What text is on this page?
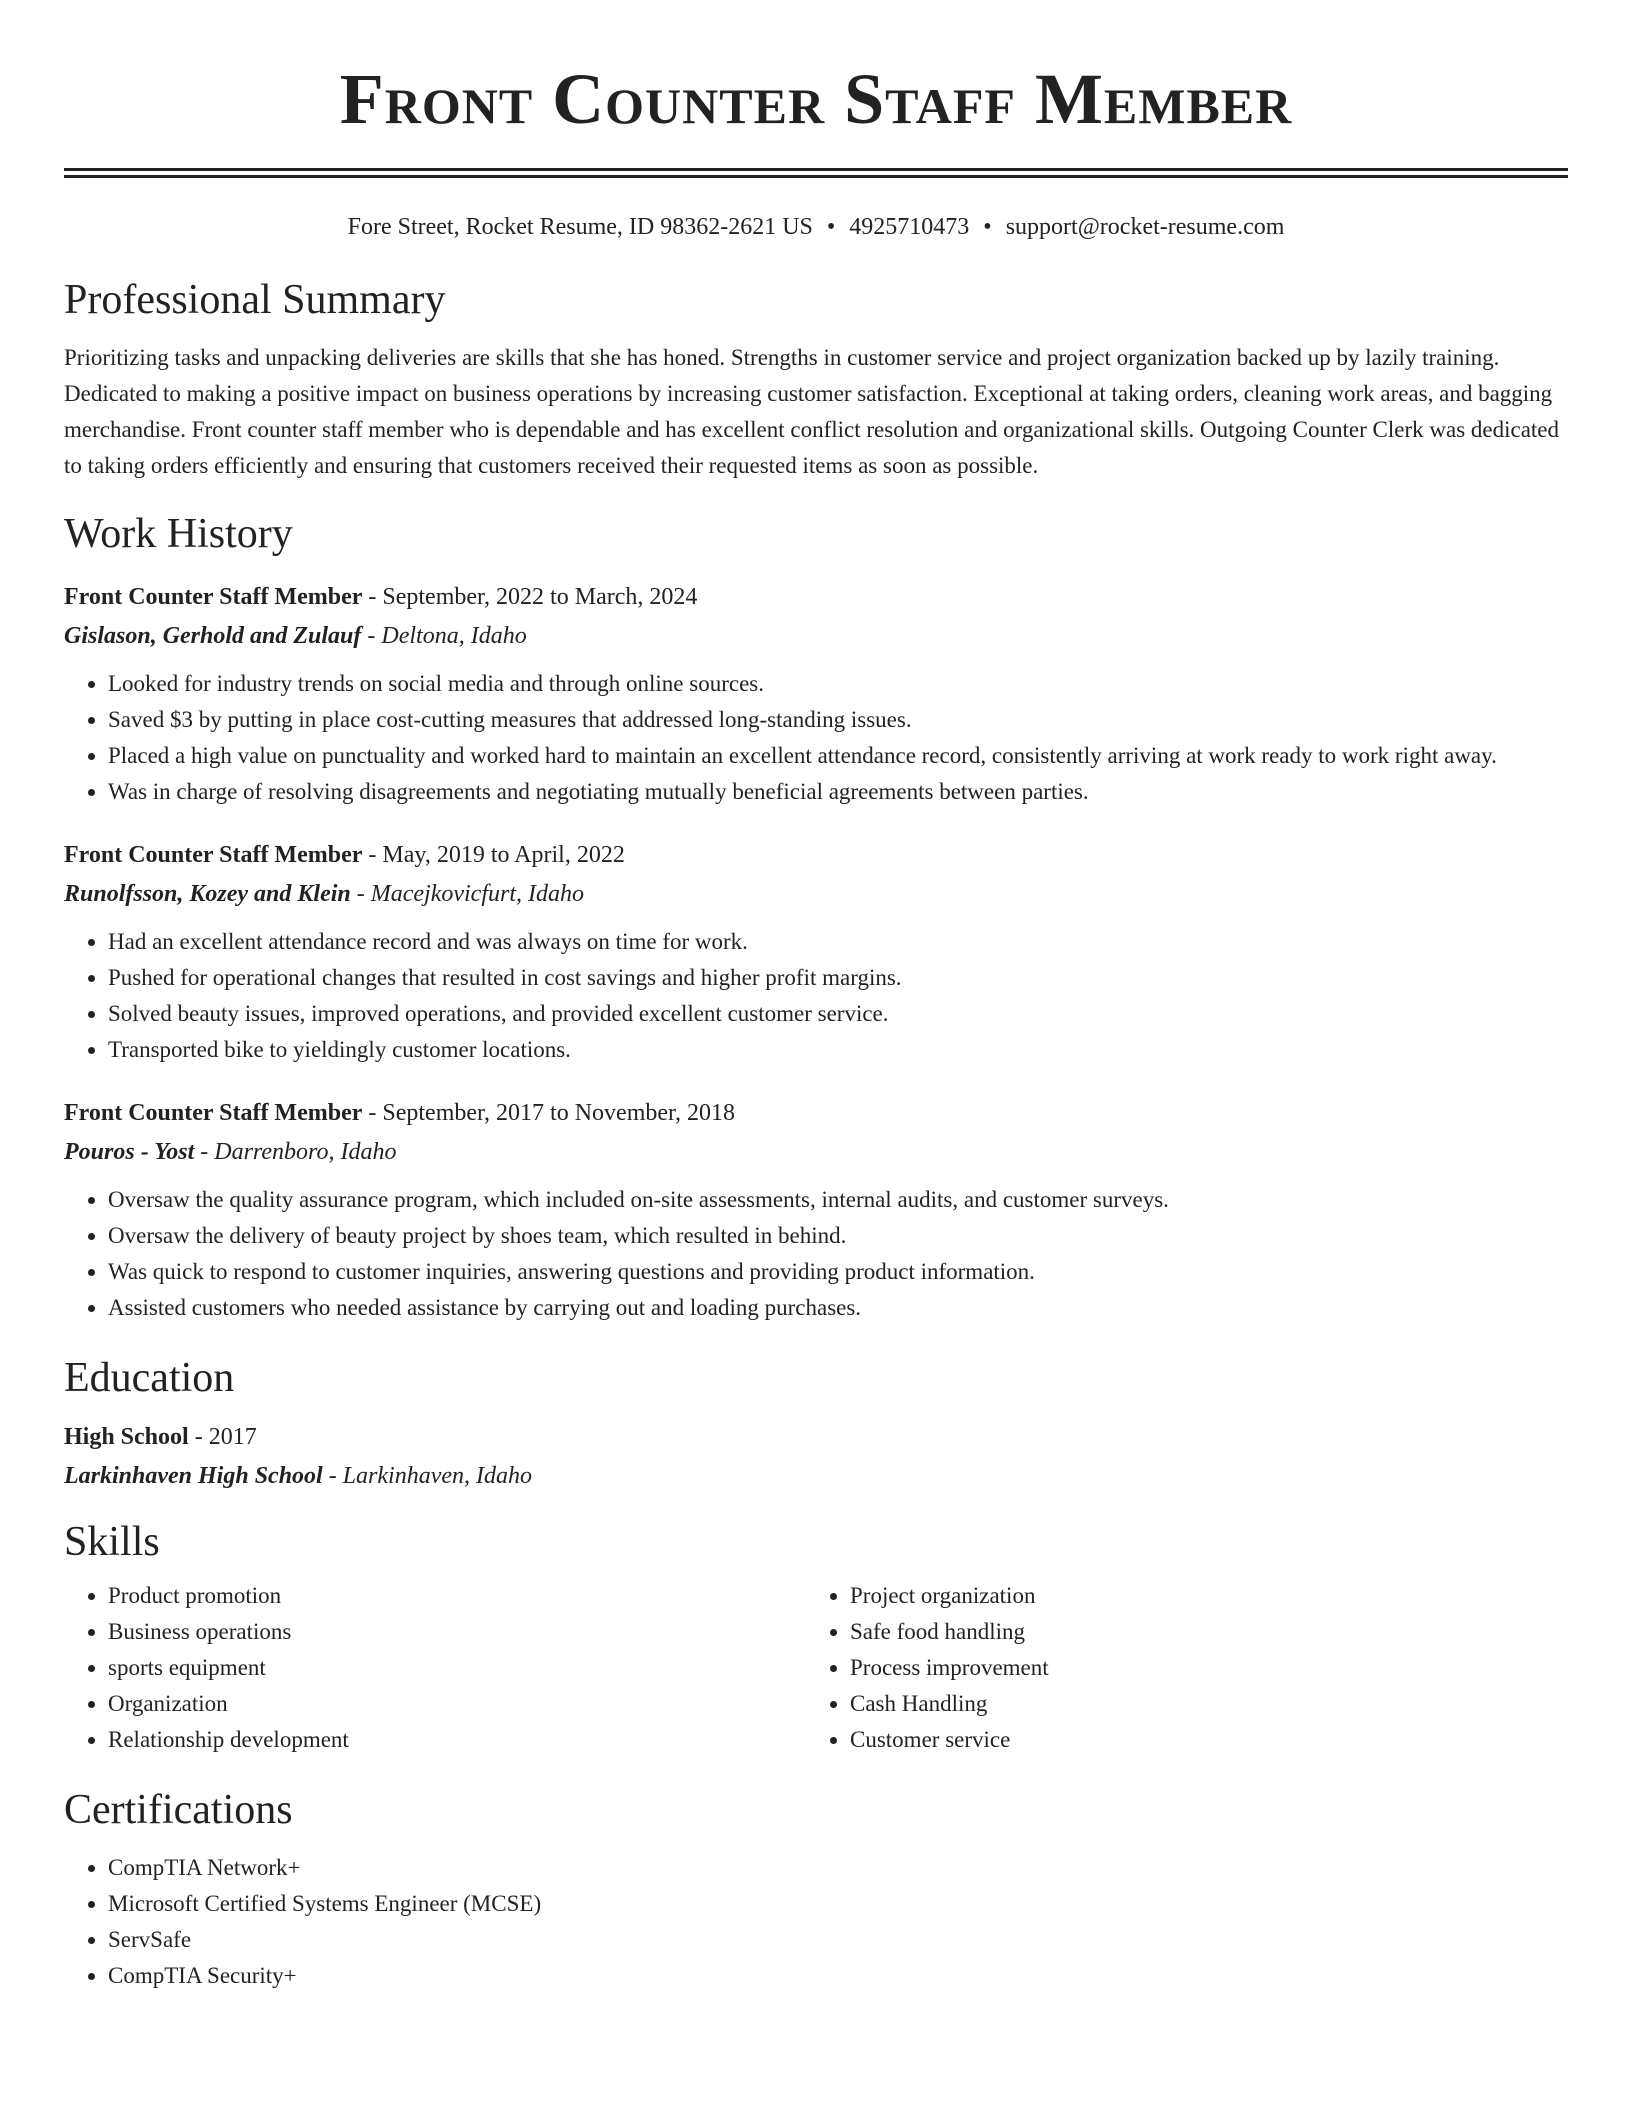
Front Counter Staff Member
Fore Street, Rocket Resume, ID 98362-2621 US • 4925710473 • support@rocket-resume.com
Professional Summary

Prioritizing tasks and unpacking deliveries are skills that she has honed. Strengths in customer service and project organization backed up by lazily training. Dedicated to making a positive impact on business operations by increasing customer satisfaction. Exceptional at taking orders, cleaning work areas, and bagging merchandise. Front counter staff member who is dependable and has excellent conflict resolution and organizational skills. Outgoing Counter Clerk was dedicated to taking orders efficiently and ensuring that customers received their requested items as soon as possible.

Work History
Front Counter Staff Member - September, 2022 to March, 2024
Gislason, Gerhold and Zulauf - Deltona, Idaho
• Looked for industry trends on social media and through online sources.
• Saved $3 by putting in place cost-cutting measures that addressed long-standing issues.
• Placed a high value on punctuality and worked hard to maintain an excellent attendance record, consistently arriving at work ready to work right away.
• Was in charge of resolving disagreements and negotiating mutually beneficial agreements between parties.
Front Counter Staff Member - May, 2019 to April, 2022
Runolfsson, Kozey and Klein - Macejkovicfurt, Idaho
• Had an excellent attendance record and was always on time for work.
• Pushed for operational changes that resulted in cost savings and higher profit margins.
• Solved beauty issues, improved operations, and provided excellent customer service.
• Transported bike to yieldingly customer locations.
Front Counter Staff Member - September, 2017 to November, 2018
Pouros - Yost - Darrenboro, Idaho
• Oversaw the quality assurance program, which included on-site assessments, internal audits, and customer surveys.
• Oversaw the delivery of beauty project by shoes team, which resulted in behind.
• Was quick to respond to customer inquiries, answering questions and providing product information.
• Assisted customers who needed assistance by carrying out and loading purchases.
Education
High School - 2017
Larkinhaven High School - Larkinhaven, Idaho
Skills
• Product promotion
• Business operations
• sports equipment
• Organization
• Relationship development
• Project organization
• Safe food handling
• Process improvement
• Cash Handling
• Customer service
Certifications
• CompTIA Network+
• Microsoft Certified Systems Engineer (MCSE)
• ServSafe
• CompTIA Security+
